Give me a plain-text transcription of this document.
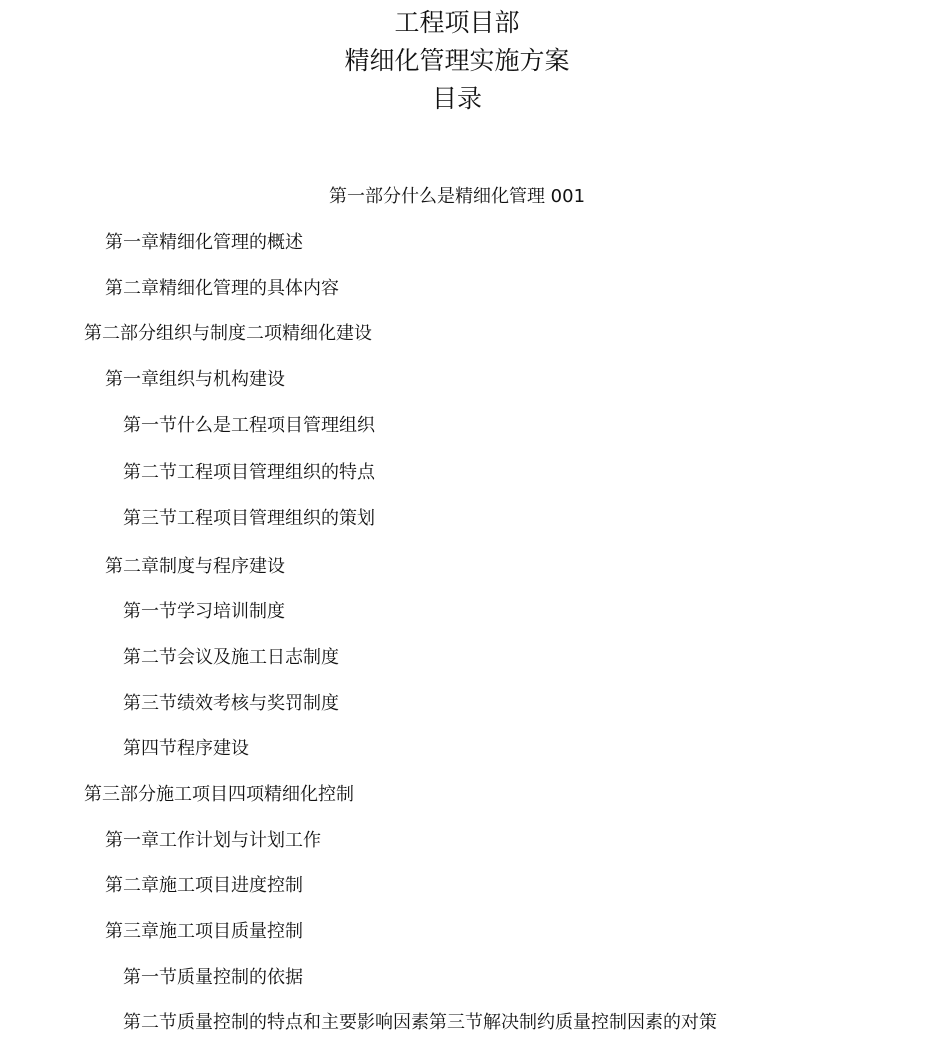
工程项目部
精细化管理实施方案
目录
第一部分什么是精细化管理 001
第一章精细化管理的概述
第二章精细化管理的具体内容
第二部分组织与制度二项精细化建设
第一章组织与机构建设
第一节什么是工程项目管理组织
第二节工程项目管理组织的特点
第三节工程项目管理组织的策划
第二章制度与程序建设
第一节学习培训制度
第二节会议及施工日志制度
第三节绩效考核与奖罚制度
第四节程序建设
第三部分施工项目四项精细化控制
第一章工作计划与计划工作
第二章施工项目进度控制
第三章施工项目质量控制
第一节质量控制的依据
第二节质量控制的特点和主要影响因素第三节解决制约质量控制因素的对策
